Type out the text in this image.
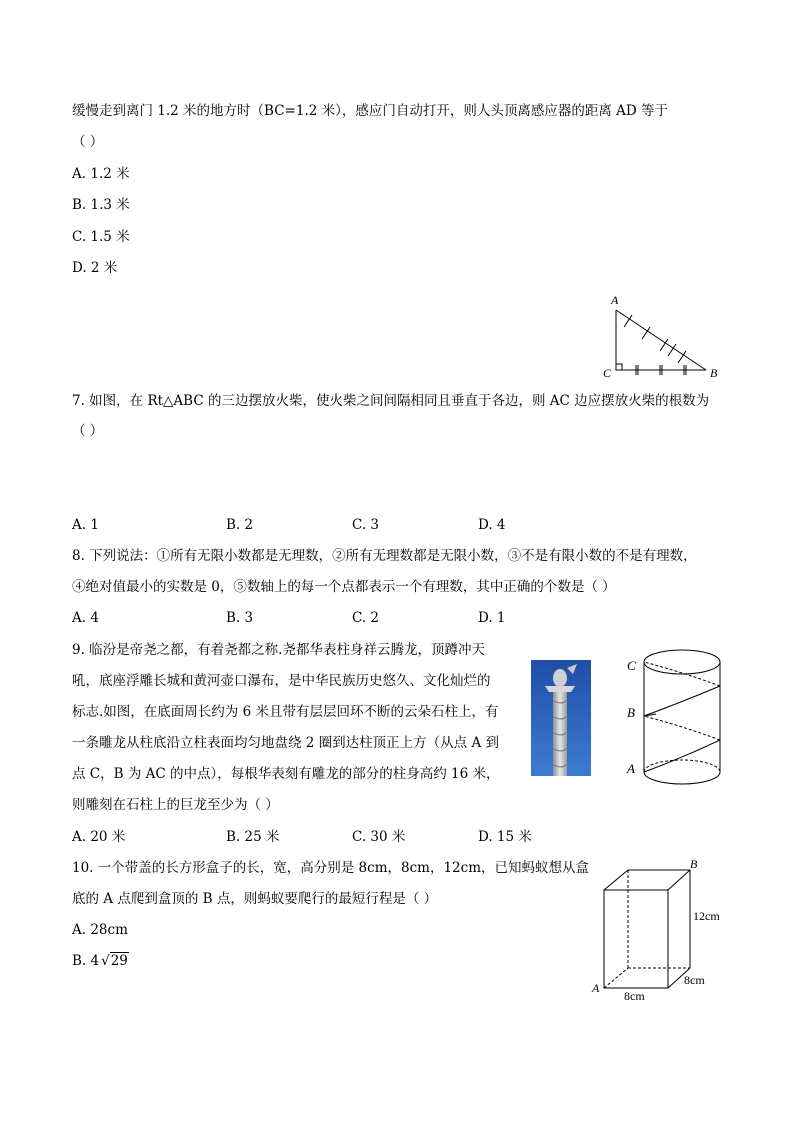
缓慢走到离门 1.2 米的地方时（BC=1.2 米），感应门自动打开，则人头顶离感应器的距离 AD 等于
（ ）
A. 1.2 米
B. 1.3 米
C. 1.5 米
D. 2 米
A
B
C
7. 如图，在 Rt△ABC 的三边摆放火柴，使火柴之间间隔相同且垂直于各边，则 AC 边应摆放火柴的根数为
（ ）
A. 1	B. 2	C. 3	D. 4
8. 下列说法：①所有无限小数都是无理数，②所有无理数都是无限小数，③不是有限小数的不是有理数，
④绝对值最小的实数是 0，⑤数轴上的每一个点都表示一个有理数，其中正确的个数是（ ）
A. 4	B. 3	C. 2	D. 1
9. 临汾是帝尧之都，有着尧都之称.尧都华表柱身祥云腾龙，顶蹲冲天
吼，底座浮雕长城和黄河壶口瀑布，是中华民族历史悠久、文化灿烂的
标志.如图，在底面周长约为 6 米且带有层层回环不断的云朵石柱上，有
一条雕龙从柱底沿立柱表面均匀地盘绕 2 圈到达柱顶正上方（从点 A 到
点 C，B 为 AC 的中点），每根华表刻有雕龙的部分的柱身高约 16 米，
则雕刻在石柱上的巨龙至少为（ ）
C
B
A
A. 20 米	B. 25 米	C. 30 米	D. 15 米
10. 一个带盖的长方形盒子的长，宽，高分别是 8cm，8cm，12cm，已知蚂蚁想从盒
底的 A 点爬到盒顶的 B 点，则蚂蚁要爬行的最短行程是（ ）
A. 28cm
B. 4 √29
B
A
12cm
8cm
8cm
